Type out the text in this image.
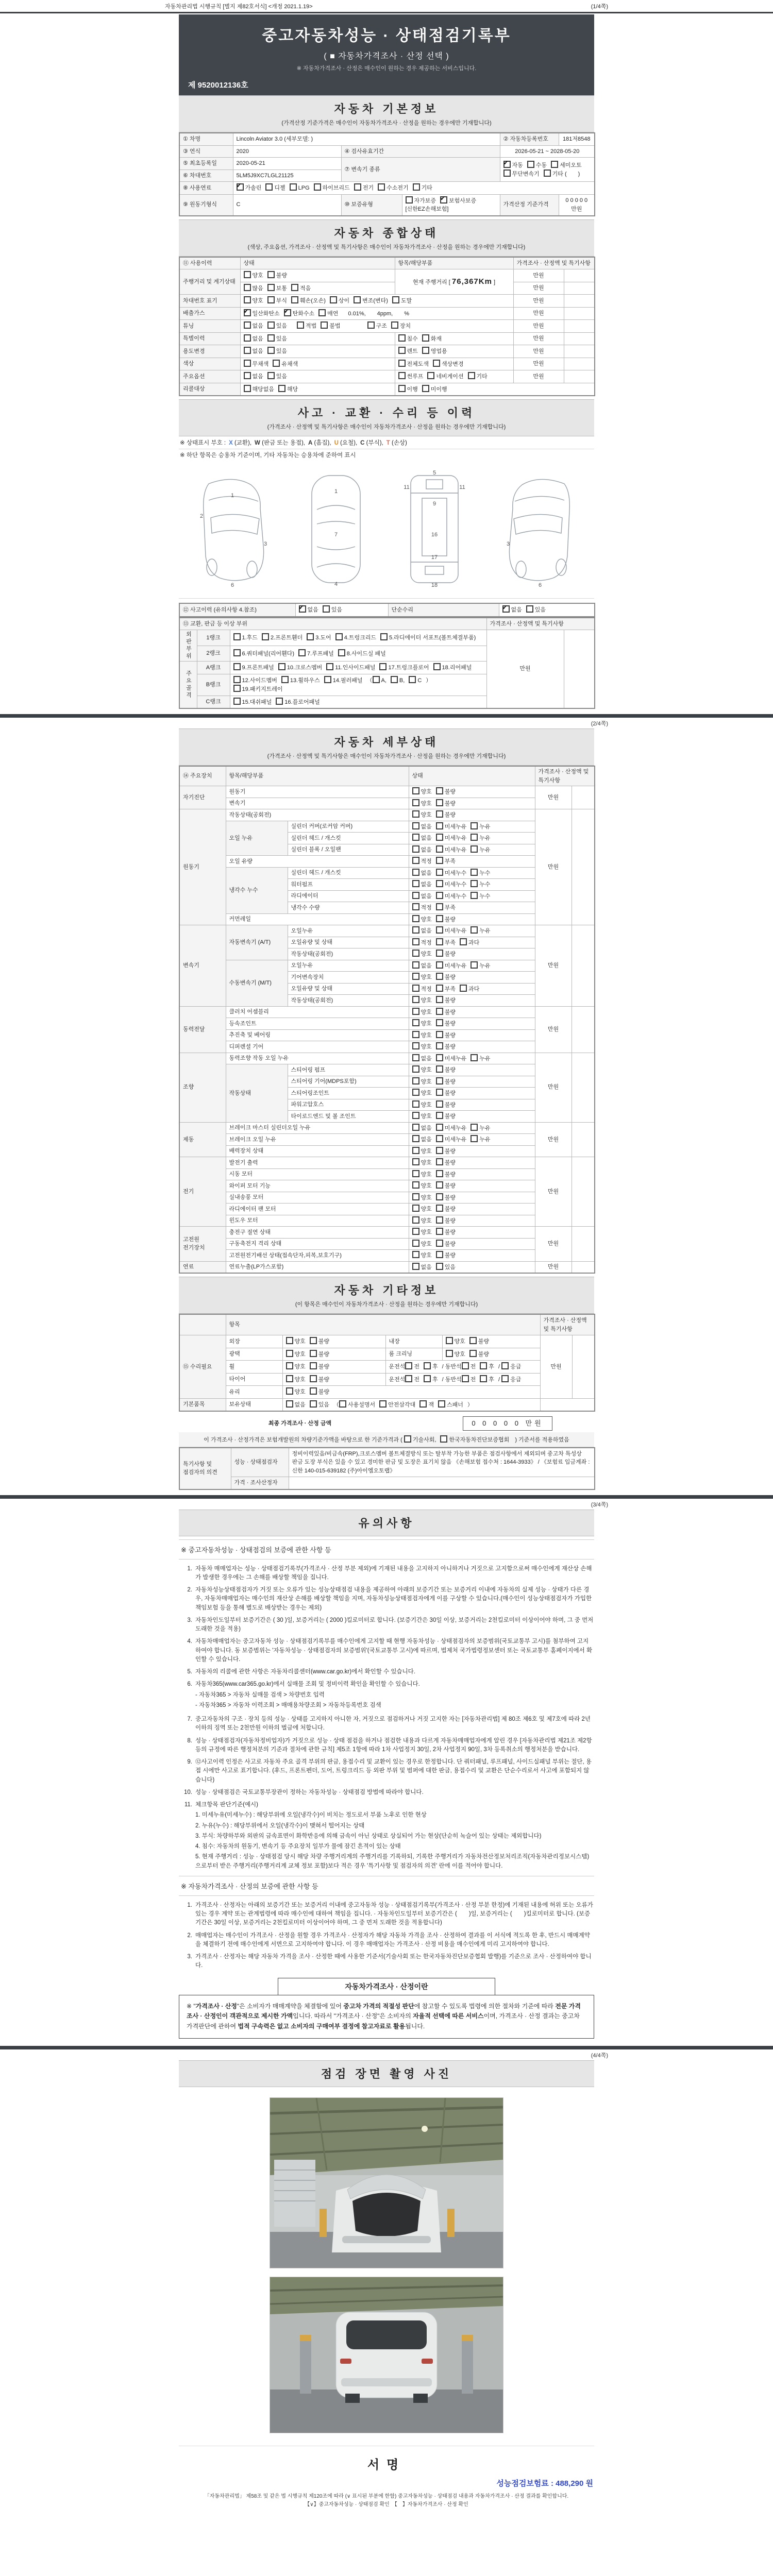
자동차관리법 시행규칙 [별지 제82호서식] <개정 2021.1.19>	(1/4쪽)
중고자동차성능 · 상태점검기록부
( ■ 자동차가격조사 · 산정 선택 )
※ 자동차가격조사 · 산정은 매수인이 원하는 경우 제공하는 서비스입니다.
제 9520012136호
자동차 기본정보
(가격산정 기준가격은 매수인이 자동차가격조사 · 산정을 원하는 경우에만 기재합니다)
① 차명	Lincoln Aviator 3.0 (세부모델: )			② 자동차등록번호	181저8548
③ 연식	2020	④ 검사유효기간		2026-05-21 ~ 2028-05-20	
⑤ 최초등록일	2020-05-21	⑦ 변속기 종류	
✔자동 수동 세미오토
무단변속기 기타 (　　)

⑥ 차대번호	5LM5J9XC7LGL21125				
⑧ 사용연료	✔가솔린 디젤 LPG 하이브리드 전기 수소전기 기타
⑨ 원동기형식	C	⑩ 보증유형	자가보증 ✔ 보험사보증 [신한EZ손해보험]	가격산정 기준가격	0 0 0 0 0 만원
자동차 종합상태
(색상, 주요옵션, 가격조사 · 산정액 및 특기사항은 매수인이 자동차가격조사 · 산정을 원하는 경우에만 기재합니다)
⑪ 사용이력	상태	항목/해당부품	가격조사 · 산정액 및 특기사항	
주행거리 및 계기상태	양호 불량	현재 주행거리 [ 76,367Km ]	만원	
	많음 보통 적음		만원	
차대번호 표기	양호 부식 훼손(오손) 상이 변조(변타) 도말		만원	
배출가스	✔일산화탄소 ✔ 탄화수소 매연　0.01%,　　4ppm,　　%		만원	
튜닝	없음 있음　 적법 불법　　　　 구조 장치		만원	
특별이력	없음 있음	침수 화재	만원	
용도변경	없음 있음	렌트 영업용	만원	
색상	무채색 유채색	전체도색 색상변경	만원	
주요옵션	없음 있음	썬루프 네비게이션 기타	만원	
리콜대상	해당없음 해당	이행 미이행		
사고 · 교환 · 수리 등 이력
(가격조사 · 산정액 및 특기사항은 매수인이 자동차가격조사 · 산정을 원하는 경우에만 기재합니다)
※ 상태표시 부호 : X (교환), W (판금 또는 용접), A (흠집), U (요철), C (부식), T (손상)
※ 하단 항목은 승용차 기준이며, 기타 자동차는 승용차에 준하여 표시
1
2
3
6
1
7
4
5
11	11
9
16
17
18
3
6
⑫ 사고이력 (유의사항 4.참조)	✔없음 있음	단순수리	✔없음 있음
⑬ 교환, 판금 등 이상 부위			가격조사 · 산정액 및 특기사항	
외판부위	1랭크	1.후드 2.프론트휀더 3.도어 4.트렁크리드 5.라디에이터 서포트(볼트체결부품)	만원	
	2랭크	6.쿼터패널(리어휀다) 7.루프패널 8.사이드실 패널		
주요골격	A랭크	9.프론트패널 10.크로스멤버 11.인사이드패널 17.트렁크플로어 18.리어패널		
	B랭크	12.사이드멤버 13.휠하우스 14.필러패널 （ A, B, C ）19.패키지트레이		
	C랭크	15.대쉬패널 16.플로어패널		
(2/4쪽)
자동차 세부상태
(가격조사 · 산정액 및 특기사항은 매수인이 자동차가격조사 · 산정을 원하는 경우에만 기재합니다)
⑭ 주요장치	항목/해당부품		상태	가격조사 · 산정액 및 특기사항	
자기진단	원동기		양호 불량	만원	
	변속기		양호 불량		
원동기	작동상태(공회전)		양호 불량	만원	
	오일 누유	실린더 커버(로커암 커버)	없음 미세누유 누유		
		실린더 헤드 / 개스킷	없음 미세누유 누유		
		실린더 블록 / 오일팬	없음 미세누유 누유		
	오일 유량		적정 부족		
	냉각수 누수	실린더 헤드 / 개스킷	없음 미세누수 누수		
		워터펌프	없음 미세누수 누수		
		라디에이터	없음 미세누수 누수		
		냉각수 수량	적정 부족		
	커먼레일		양호 불량		
변속기	자동변속기 (A/T)	오일누유	없음 미세누유 누유	만원	
		오일유량 및 상태	적정 부족 과다		
		작동상태(공회전)	양호 불량		
	수동변속기 (M/T)	오일누유	없음 미세누유 누유		
		기어변속장치	양호 불량		
		오일유량 및 상태	적정 부족 과다		
		작동상태(공회전)	양호 불량		
동력전달	클러치 어셈블리		양호 불량	만원	
	등속조인트		양호 불량		
	추진축 및 베어링		양호 불량		
	디퍼렌셜 기어		양호 불량		
조향	동력조향 작동 오일 누유		없음 미세누유 누유	만원	
	작동상태	스티어링 펌프	양호 불량		
		스티어링 기어(MDPS포함)	양호 불량		
		스티어링조인트	양호 불량		
		파워고압호스	양호 불량		
		타이로드엔드 및 볼 조인트	양호 불량		
제동	브레이크 마스터 실린더오일 누유		없음 미세누유 누유	만원	
	브레이크 오일 누유		없음 미세누유 누유		
	배력장치 상태		양호 불량		
전기	발전기 출력		양호 불량	만원	
	시동 모터		양호 불량		
	와이퍼 모터 기능		양호 불량		
	실내송풍 모터		양호 불량		
	라디에이터 팬 모터		양호 불량		
	윈도우 모터		양호 불량		
고전원 전기장치	충전구 절연 상태		양호 불량	만원	
	구동축전지 격리 상태		양호 불량		
	고전원전기배선 상태(접속단자,피복,보호기구)		양호 불량		
연료	연료누출(LP가스포함)		없음 있음	만원	
자동차 기타정보
(이 항목은 매수인이 자동차가격조사 · 산정을 원하는 경우에만 기재합니다)
	항목				가격조사 · 산정액 및 특기사항	
⑮ 수리필요	외장	양호 불량	내장	양호 불량	만원	
	광택	양호 불량	룸 크리닝	양호 불량		
	휠	양호 불량	운전석 전 후 / 동반석 전 후 / 응급			
	타이어	양호 불량	운전석 전 후 / 동반석 전 후 / 응급			
	유리	양호 불량				
기본품목	보유상태	없음 있음 （ 사용설명서 안전삼각대 잭 스패너 ）				
최종 가격조사 · 산정 금액	0 0 0 0 0 만원
이 가격조사 · 산정가격은 보험개발원의 차량기준가액을 바탕으로 한 기준가격과 ( 기술사회, 한국자동차진단보증협회 ) 기준서를 적용하였음
특기사항 및 점검자의 의견	성능 · 상태점검자	정비이력있음/비금속(FRP),크로스멤버 볼트체결방식 또는 탈부착 가능한 부품은 점검사항에서 제외되며 중고차 특성상 판금 도장 부식은 있을 수 있고 경미한 판금 및 도장은 표기치 않음 《손해보험 접수처 : 1644-3933》 / 《보험료 입금계좌 : 신한 140-015-639182 (주)아이엠오토랩》
	가격 · 조사산정자	
(3/4쪽)
유의사항
※ 중고자동차성능 · 상태점검의 보증에 관한 사항 등
1. 자동차 매매업자는 성능 · 상태점검기록부(가격조사 · 산정 부분 제외)에 기재된 내용을 고지하지 아니하거나 거짓으로 고지함으로써 매수인에게 재산상 손해가 발생한 경우에는 그 손해를 배상할 책임을 집니다.
2. 자동차성능상태점검자가 거짓 또는 오류가 있는 성능상태점검 내용을 제공하여 아래의 보증기간 또는 보증거리 이내에 자동차의 실제 성능 · 상태가 다른 경우, 자동차매매업자는 매수인의 재산상 손해를 배상할 책임을 지며, 자동차성능상태점검자에게 이를 구상할 수 있습니다.(매수인이 성능상태점검자가 가입한 책임보험 등을 통해 별도로 배상받는 경우는 제외)
3. 자동차인도일부터 보증기간은 ( 30 )일, 보증거리는 ( 2000 )킬로미터로 합니다. (보증기간은 30일 이상, 보증거리는 2천킬로미터 이상이어야 하며, 그 중 먼저 도래한 것을 적용)
4. 자동차매매업자는 중고자동차 성능 · 상태점검기록부를 매수인에게 고지할 때 현행 자동차성능 · 상태점검자의 보증범위(국토교통부 고시)를 첨부하여 고지하여야 합니다. 동 보증범위는 '자동차성능 · 상태점검자의 보증범위'(국토교통부 고시)에 따르며, 법제처 국가법령정보센터 또는 국토교통부 홈페이지에서 확인할 수 있습니다.
5. 자동차의 리콜에 관한 사항은 자동차리콜센터(www.car.go.kr)에서 확인할 수 있습니다.
6. 자동차365(www.car365.go.kr)에서 실매물 조회 및 정비이력 확인을 확인할 수 있습니다.
- 자동차365 > 자동차 실매물 검색 > 차량번호 입력
- 자동차365 > 자동차 이력조회 > 매매용차량조회 > 자동차등록번호 검색
7. 중고자동차의 구조 · 장치 등의 성능 · 상태를 고지하지 아니한 자, 거짓으로 점검하거나 거짓 고지한 자는 [자동차관리법] 제 80조 제6호 및 제7호에 따라 2년 이하의 징역 또는 2천만원 이하의 벌금에 처합니다.
8. 성능 · 상태점검자(자동차정비업자)가 거짓으로 성능 · 상태 점검을 하거나 점검한 내용과 다르게 자동차매매업자에게 알린 경우 [자동차관리법 제21조 제2항 등의 규정에 따른 행정처분의 기준과 절차에 관한 규칙] 제5조 1항에 따라 1차 사업정지 30일, 2차 사업정지 90일, 3차 등록취소의 행정처분을 받습니다.
9. ⑫사고이력 인정은 사고로 자동차 주요 골격 부위의 판금, 용접수리 및 교환이 있는 경우로 한정합니다. 단 쿼터패널, 루프패널, 사이드실패널 부위는 절단, 용접 시에만 사고로 표기합니다. (후드, 프론트펜더, 도어, 트렁크리드 등 외판 부위 및 범퍼에 대한 판금, 용접수리 및 교환은 단순수리로서 사고에 포함되지 않습니다)
10. 성능 · 상태점검은 국토교통부장관이 정하는 자동차성능 · 상태점검 방법에 따라야 합니다.
11. 체크항목 판단기준(예시)
1. 미세누유(미세누수) : 해당부위에 오일(냉각수)이 비치는 정도로서 부품 노후로 인한 현상
2. 누유(누수) : 해당부위에서 오일(냉각수)이 맺혀서 떨어지는 상태
3. 부식: 차량하부와 외판의 금속표면이 화학반응에 의해 금속이 아닌 상태로 상실되어 가는 현상(단순히 녹슬어 있는 상태는 제외합니다)
4. 침수: 자동차의 원동기, 변속기 등 주요장치 일부가 물에 잠긴 흔적이 있는 상태
5. 현재 주행거리 : 성능 · 상태점검 당시 해당 차량 주행거리계의 주행거리를 기록하되, 기록한 주행거리가 자동차전산정보처리조직(자동차관리정보시스템)으로부터 받은 주행거리(주행거리계 교체 정보 포함)보다 적은 경우 '특기사항 및 점검자의 의견' 란에 이를 적어야 합니다.
※ 자동차가격조사 · 산정의 보증에 관한 사항 등
1. 가격조사 · 산정자는 아래의 보증기간 또는 보증거리 이내에 중고자동차 성능 · 상태점검기록부(가격조사 · 산정 부분 한정)에 기재된 내용에 허위 또는 오류가 있는 경우 계약 또는 관계법령에 따라 매수인에 대하여 책임을 집니다. · 자동차인도일부터 보증기간은 (　　)일, 보증거리는 (　　)킬로미터로 합니다. (보증기간은 30일 이상, 보증거리는 2천킬로미터 이상이어야 하며, 그 중 먼저 도래한 것을 적용합니다)
2. 매매업자는 매수인이 가격조사 · 산정을 원할 경우 가격조사 · 산정자가 해당 자동차 가격을 조사 · 산정하여 결과를 이 서식에 적도록 한 후, 반드시 매매계약을 체결하기 전에 매수인에게 서면으로 고지하여야 합니다. 이 경우 매매업자는 가격조사 · 산정 비용을 매수인에게 미리 고지하여야 합니다.
3. 가격조사 · 산정자는 해당 자동차 가격을 조사 · 산정한 때에 사용한 기준서(기술사회 또는 한국자동차진단보증협회 발행)를 기준으로 조사 · 산정하여야 합니다.
자동차가격조사 · 산정이란
※ "가격조사 · 산정"은 소비자가 매매계약을 체결함에 있어 중고차 가격의 적절성 판단에 참고할 수 있도록 법령에 의한 절차와 기준에 따라 전문 가격조사 · 산정인이 객관적으로 제시한 가액입니다. 따라서 "가격조사 · 산정"은 소비자의 자율적 선택에 따른 서비스이며, 가격조사 · 산정 결과는 중고차 가격판단에 관하여 법적 구속력은 없고 소비자의 구매여부 결정에 참고자료로 활용됩니다.
(4/4쪽)
점검 장면 촬영 사진
서명
성능점검보험료 : 488,290 원
「자동차관리법」 제58조 및 같은 법 시행규칙 제120조에 따라 (∨ 표시된 부분에 한함) 중고자동차성능 · 상태점검 내용과 자동차가격조사 · 산정 결과를 확인합니다.
【∨】중고자동차성능 · 상태점검 확인　【　】자동차가격조사 · 산정 확인
